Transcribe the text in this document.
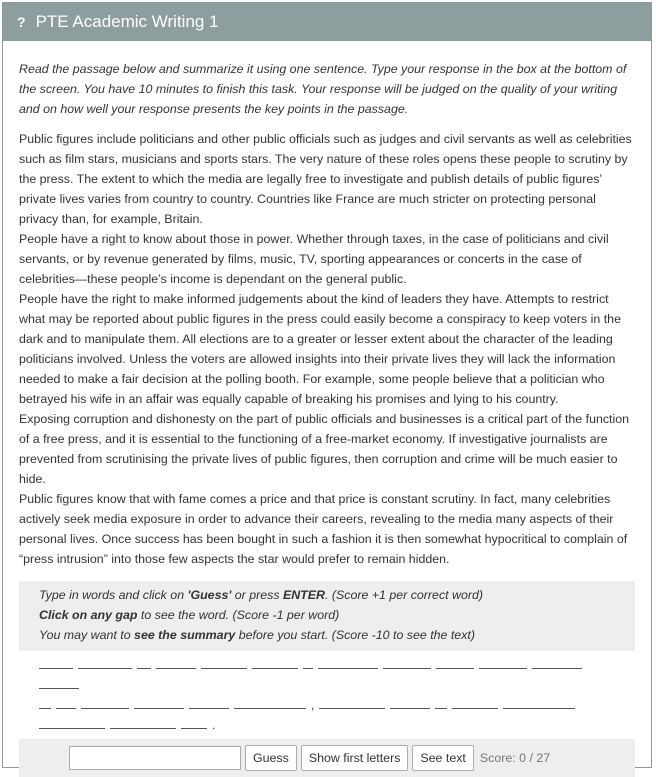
? PTE Academic Writing 1
Read the passage below and summarize it using one sentence. Type your response in the box at the bottom of the screen. You have 10 minutes to finish this task. Your response will be judged on the quality of your writing and on how well your response presents the key points in the passage.

Public figures include politicians and other public officials such as judges and civil servants as well as celebrities such as film stars, musicians and sports stars. The very nature of these roles opens these people to scrutiny by the press. The extent to which the media are legally free to investigate and publish details of public figures’ private lives varies from country to country. Countries like France are much stricter on protecting personal privacy than, for example, Britain.

People have a right to know about those in power. Whether through taxes, in the case of politicians and civil servants, or by revenue generated by films, music, TV, sporting appearances or concerts in the case of celebrities—these people’s income is dependant on the general public.

People have the right to make informed judgements about the kind of leaders they have. Attempts to restrict what may be reported about public figures in the press could easily become a conspiracy to keep voters in the dark and to manipulate them. All elections are to a greater or lesser extent about the character of the leading politicians involved. Unless the voters are allowed insights into their private lives they will lack the information needed to make a fair decision at the polling booth. For example, some people believe that a politician who betrayed his wife in an affair was equally capable of breaking his promises and lying to his country.

Exposing corruption and dishonesty on the part of public officials and businesses is a critical part of the function of a free press, and it is essential to the functioning of a free-market economy. If investigative journalists are prevented from scrutinising the private lives of public figures, then corruption and crime will be much easier to hide.

Public figures know that with fame comes a price and that price is constant scrutiny. In fact, many celebrities actively seek media exposure in order to advance their careers, revealing to the media many aspects of their personal lives. Once success has been bought in such a fashion it is then somewhat hypocritical to complain of “press intrusion” into those few aspects the star would prefer to remain hidden.

Type in words and click on 'Guess' or press ENTER. (Score +1 per correct word)
Click on any gap to see the word. (Score -1 per word)
You may want to see the summary before you start. (Score -10 to see the text)

,.
Guess	Show first letters	See text	Score: 0 / 27
